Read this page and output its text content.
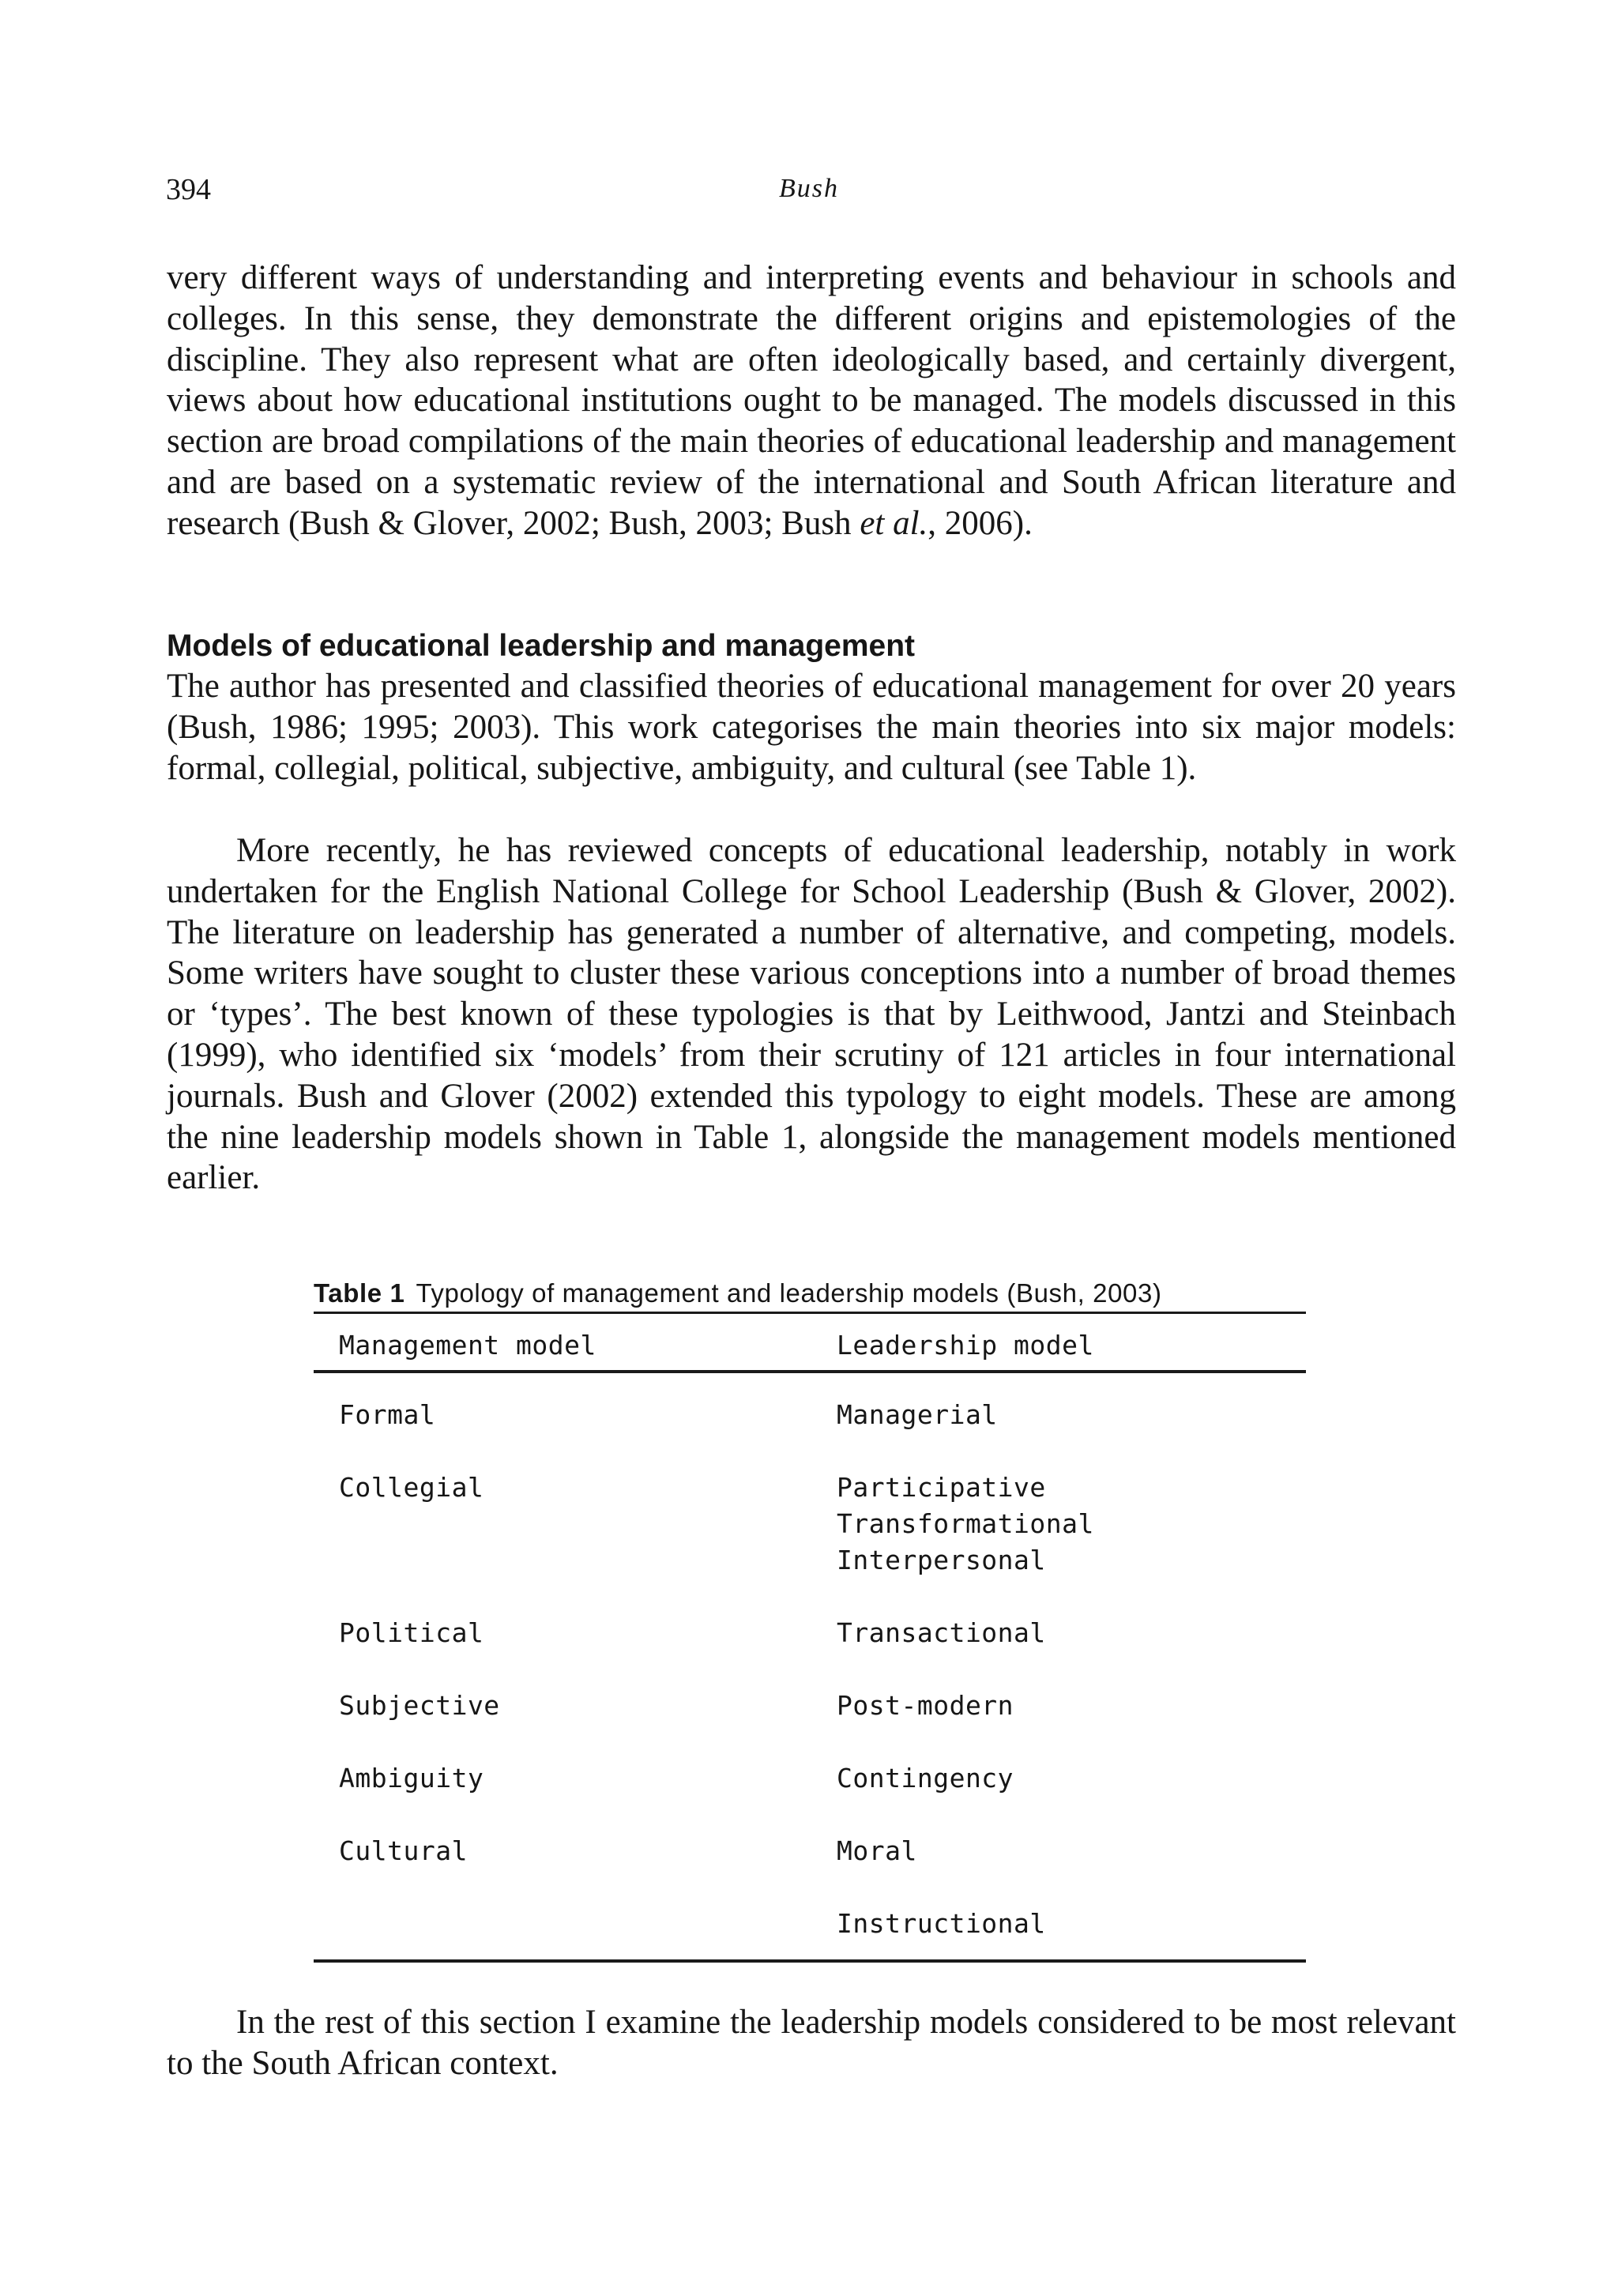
394	Bush

very different ways of understanding and interpreting events and behaviour in schools and colleges. In this sense, they demonstrate the different origins and epistemologies of the discipline. They also represent what are often ideologically based, and certainly divergent, views about how educational institutions ought to be managed. The models discussed in this section are broad compilations of the main theories of educational leadership and management and are based on a systematic review of the international and South African literature and research (Bush & Glover, 2002; Bush, 2003; Bush et al., 2006).

Models of educational leadership and management

The author has presented and classified theories of educational management for over 20 years (Bush, 1986; 1995; 2003). This work categorises the main theories into six major models: formal, collegial, political, subjective, ambiguity, and cultural (see Table 1).

More recently, he has reviewed concepts of educational leadership, notably in work undertaken for the English National College for School Leadership (Bush & Glover, 2002). The literature on leadership has generated a number of alternative, and competing, models. Some writers have sought to cluster these various conceptions into a number of broad themes or ‘types’. The best known of these typologies is that by Leithwood, Jantzi and Steinbach (1999), who identified six ‘models’ from their scrutiny of 121 articles in four international journals. Bush and Glover (2002) extended this typology to eight models. These are among the nine leadership models shown in Table 1, alongside the management models mentioned earlier.

Table 1 Typology of management and leadership models (Bush, 2003)
Management model	Leadership model
Formal	Managerial

Collegial	Participative
Transformational
Interpersonal

Political	Transactional

Subjective	Post-modern

Ambiguity	Contingency

Cultural	Moral

	Instructional

In the rest of this section I examine the leadership models considered to be most relevant to the South African context.
